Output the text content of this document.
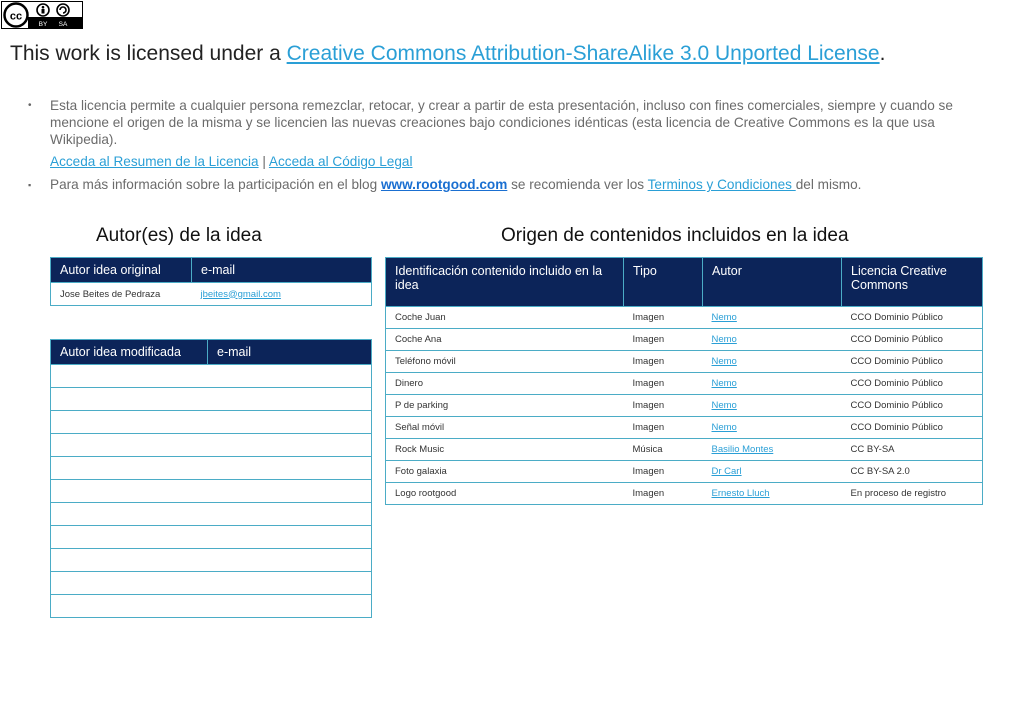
cc
BY SA
This work is licensed under a Creative Commons Attribution-ShareAlike 3.0 Unported License.
•	Esta licencia permite a cualquier persona remezclar, retocar, y crear a partir de esta presentación, incluso con fines comerciales, siempre y cuando se mencione el origen de la misma y se licencien las nuevas creaciones bajo condiciones idénticas (esta licencia de Creative Commons es la que usa Wikipedia).
Acceda al Resumen de la Licencia | Acceda al Código Legal
▪	Para más información sobre la participación en el blog www.rootgood.com se recomienda ver los Terminos y Condiciones del mismo.
Autor(es) de la idea	Origen de contenidos incluidos en la idea
Autor idea original	e-mail
Jose Beites de Pedraza	jbeites@gmail.com
Autor idea modificada	e-mail

Identificación contenido incluido en la idea	Tipo	Autor	Licencia Creative Commons
Coche Juan	Imagen	Nemo	CCO Dominio Público
Coche Ana	Imagen	Nemo	CCO Dominio Público
Teléfono móvil	Imagen	Nemo	CCO Dominio Público
Dinero	Imagen	Nemo	CCO Dominio Público
P de parking	Imagen	Nemo	CCO Dominio Público
Señal móvil	Imagen	Nemo	CCO Dominio Público
Rock Music	Música	Basilio Montes	CC BY-SA
Foto galaxia	Imagen	Dr Carl	CC BY-SA 2.0
Logo rootgood	Imagen	Ernesto Lluch	En proceso de registro
